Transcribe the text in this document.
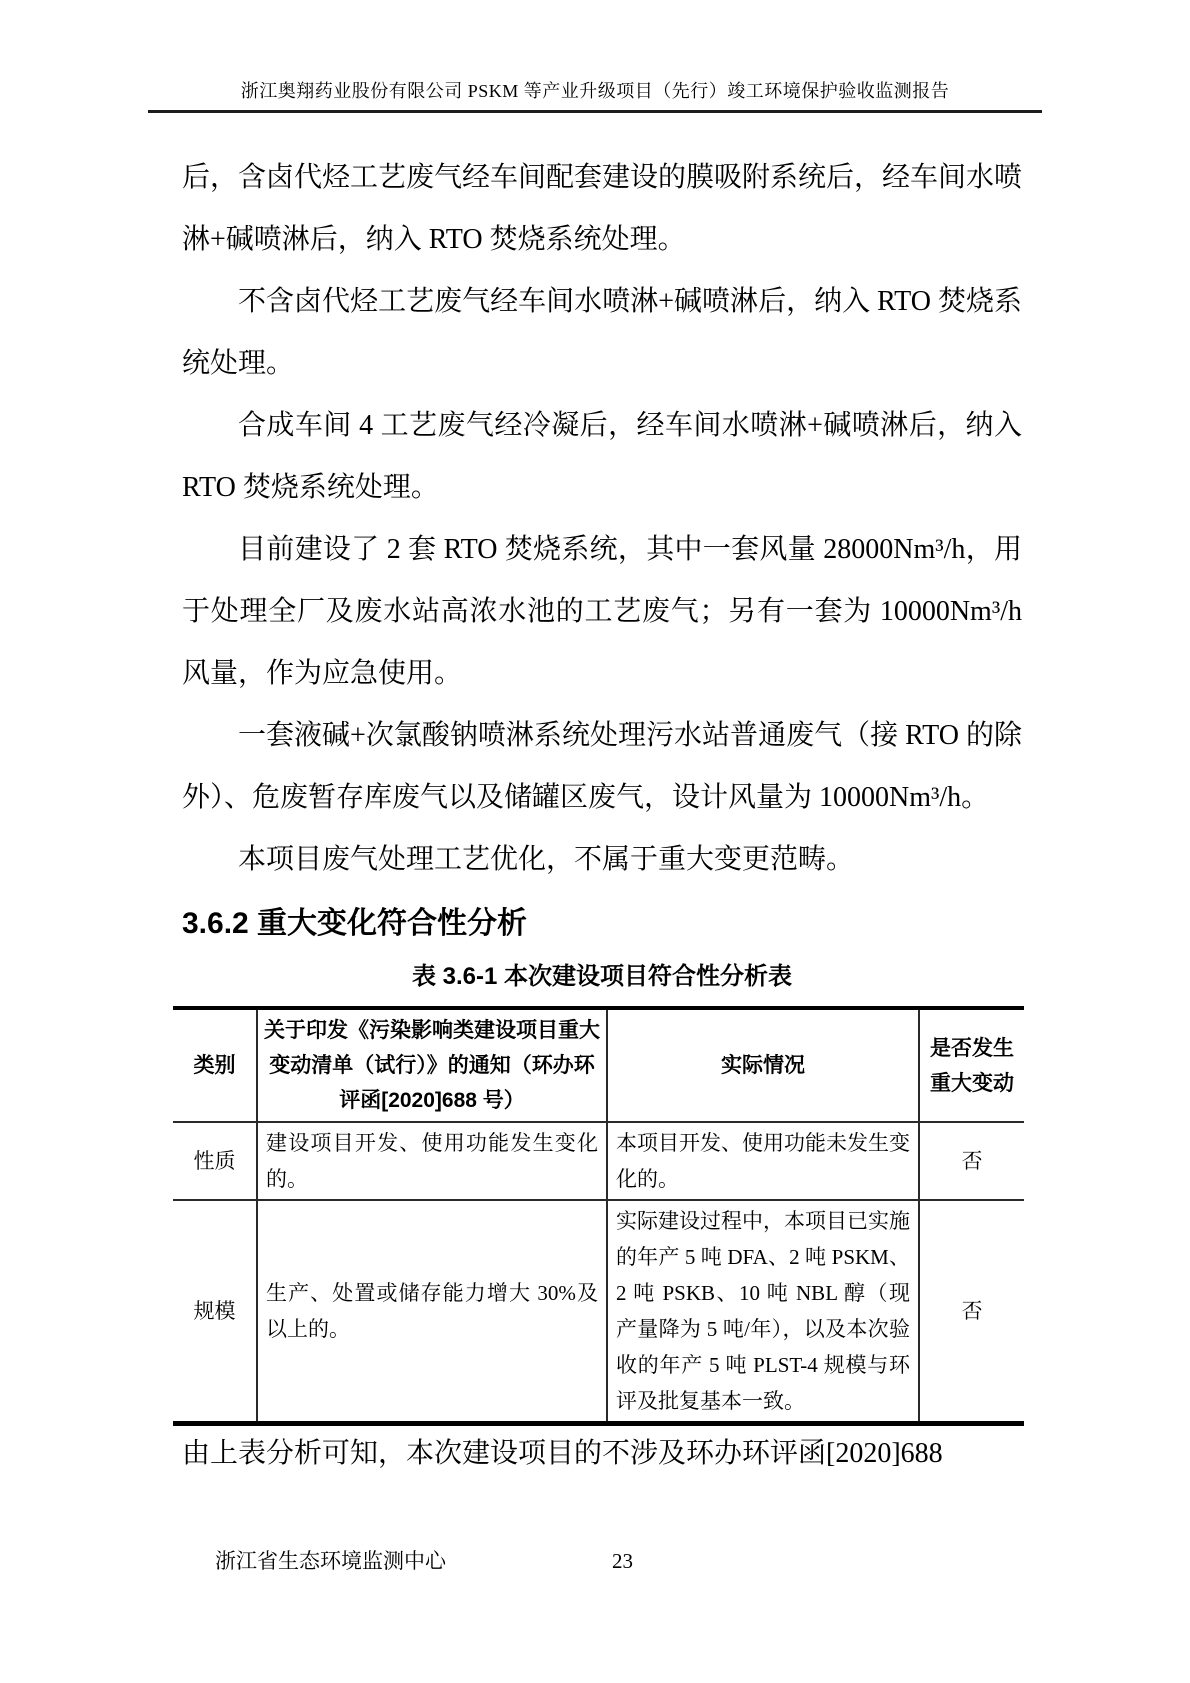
浙江奥翔药业股份有限公司 PSKM 等产业升级项目（先行）竣工环境保护验收监测报告

后，含卤代烃工艺废气经车间配套建设的膜吸附系统后，经车间水喷淋+碱喷淋后，纳入 RTO 焚烧系统处理。

不含卤代烃工艺废气经车间水喷淋+碱喷淋后，纳入 RTO 焚烧系统处理。

合成车间 4 工艺废气经冷凝后，经车间水喷淋+碱喷淋后，纳入 RTO 焚烧系统处理。

目前建设了 2 套 RTO 焚烧系统，其中一套风量 28000Nm³/h，用于处理全厂及废水站高浓水池的工艺废气；另有一套为 10000Nm³/h 风量，作为应急使用。

一套液碱+次氯酸钠喷淋系统处理污水站普通废气（接 RTO 的除外）、危废暂存库废气以及储罐区废气，设计风量为 10000Nm³/h。

本项目废气处理工艺优化，不属于重大变更范畴。

3.6.2 重大变化符合性分析
表 3.6-1 本次建设项目符合性分析表
类别	关于印发《污染影响类建设项目重大变动清单（试行）》的通知（环办环评函[2020]688 号）	实际情况	是否发生重大变动
性质	建设项目开发、使用功能发生变化的。	本项目开发、使用功能未发生变化的。	否
规模	生产、处置或储存能力增大 30%及以上的。	实际建设过程中，本项目已实施的年产 5 吨 DFA、2 吨 PSKM、2 吨 PSKB、10 吨 NBL 醇（现产量降为 5 吨/年），以及本次验收的年产 5 吨 PLST-4 规模与环评及批复基本一致。	否

由上表分析可知，本次建设项目的不涉及环办环评函[2020]688

浙江省生态环境监测中心	23
